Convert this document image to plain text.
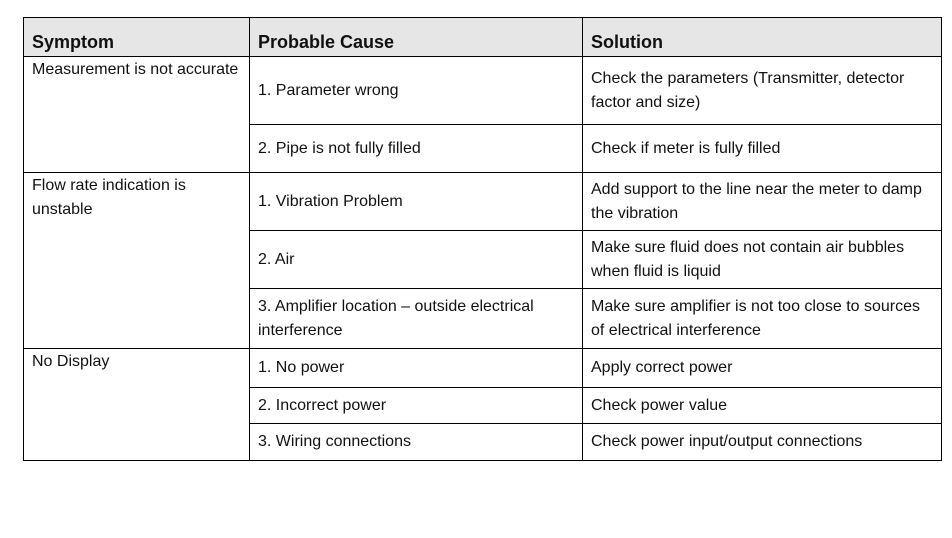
Symptom	Probable Cause	Solution
Measurement is not accurate	1. Parameter wrong	Check the parameters (Transmitter, detector factor and size)
	2. Pipe is not fully filled	Check if meter is fully filled
Flow rate indication is unstable	1. Vibration Problem	Add support to the line near the meter to damp the vibration
	2. Air	Make sure fluid does not contain air bubbles when fluid is liquid
	3. Amplifier location – outside electrical interference	Make sure amplifier is not too close to sources of electrical interference
No Display	1. No power	Apply correct power
	2. Incorrect power	Check power value
	3. Wiring connections	Check power input/output connections
